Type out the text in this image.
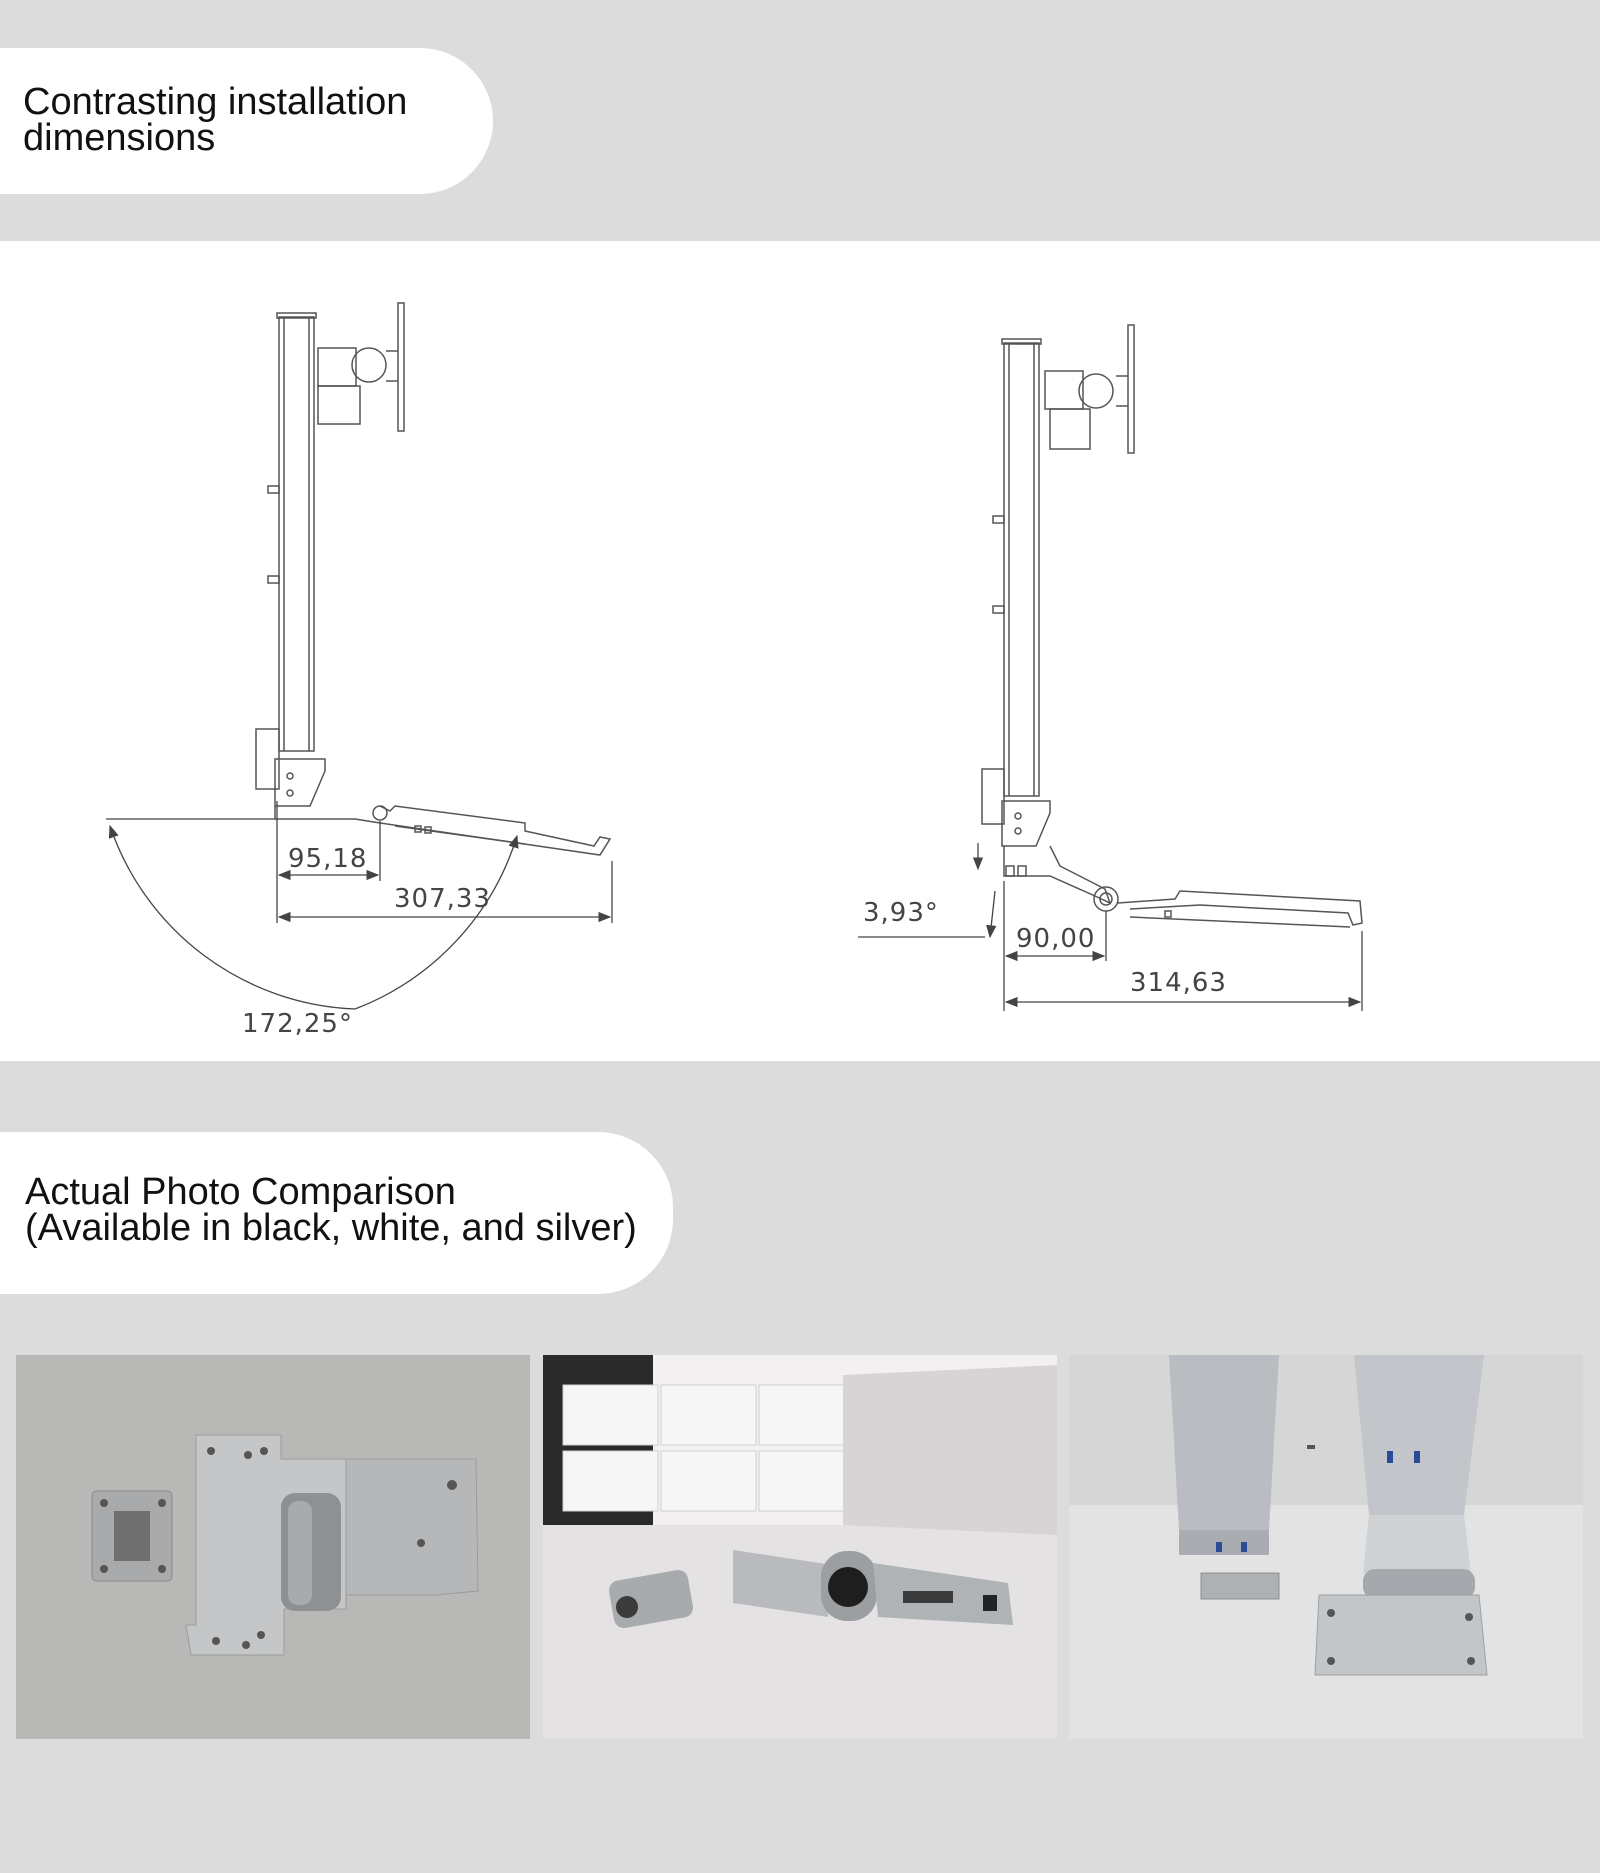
Contrasting installation
dimensions
95,18
307,33
172,25°
3,93°
90,00
314,63
Actual Photo Comparison
(Available in black, white, and silver)
